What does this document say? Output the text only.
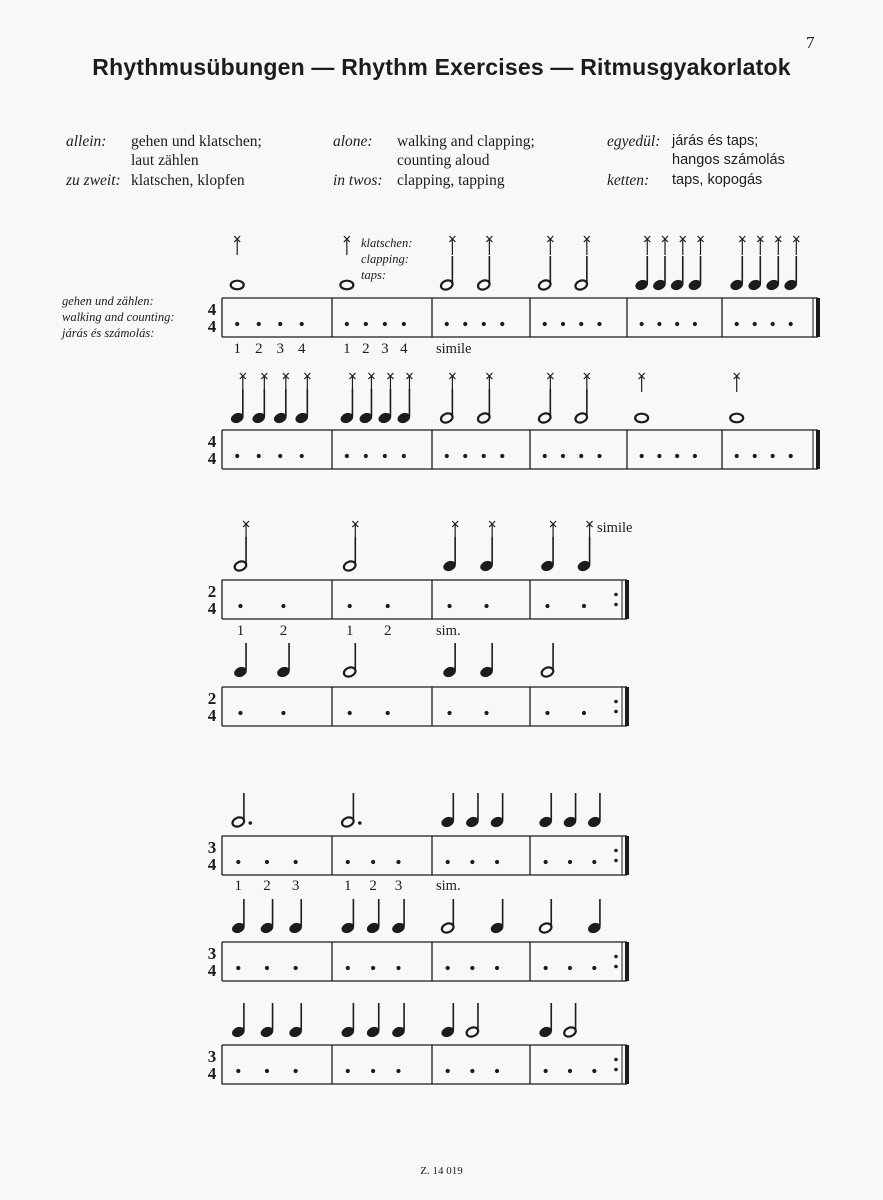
7
Rhythmusübungen — Rhythm Exercises — Ritmusgyakorlatok
allein: gehen und klatschen;
laut zählen
zu zweit: klatschen, klopfen
alone: walking and clapping;
counting aloud
in twos: clapping, tapping
egyedül: járás és taps;
hangos számolás
ketten: taps, kopogás
gehen und zählen:
walking and counting:
járás és számolás:
klatschen:
clapping:
taps:
4
4
1 2 3 4	1 2 3 4 simile
4
4
2
4
1 2	1 2	sim.
simile
2
4
3
4
1 2 3	1 2 3 sim.
3
4
3
4
Z. 14 019
